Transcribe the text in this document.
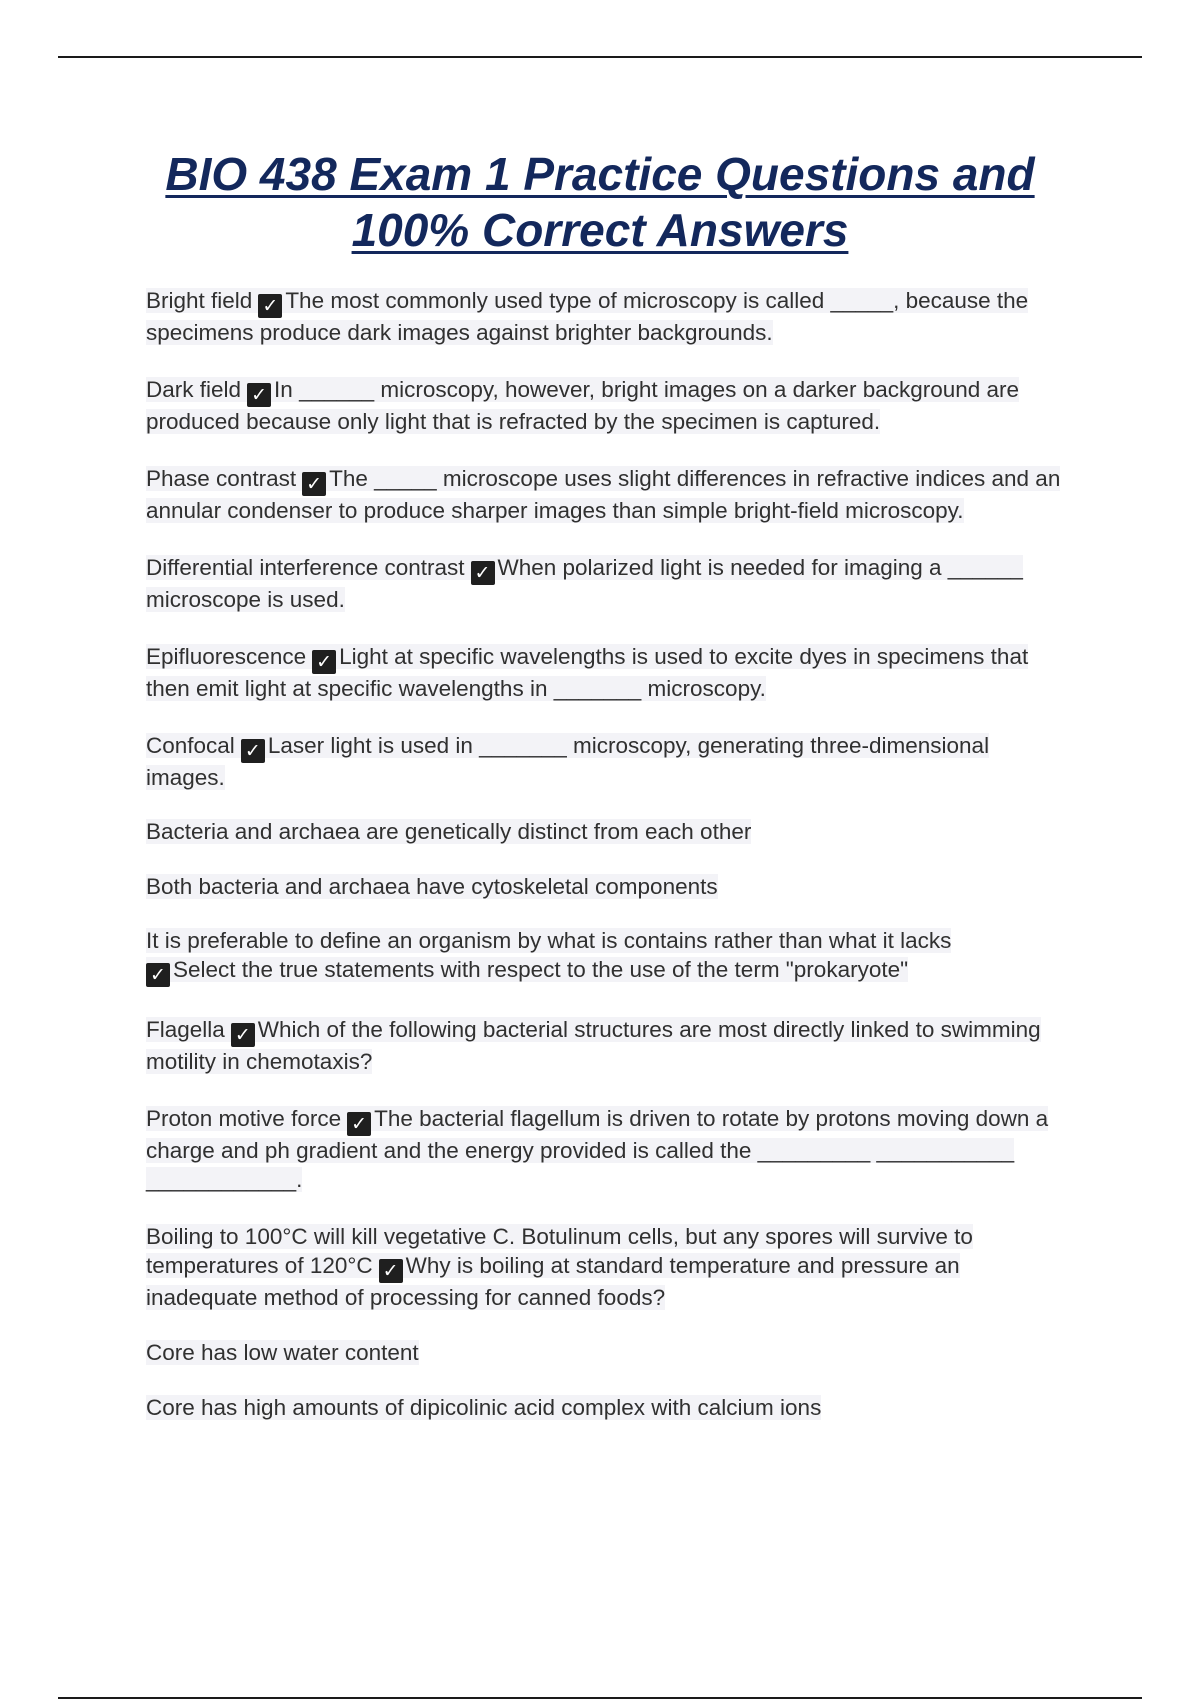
BIO 438 Exam 1 Practice Questions and
100% Correct Answers

Bright field ✓ The most commonly used type of microscopy is called _____, because the specimens produce dark images against brighter backgrounds.

Dark field ✓ In ______ microscopy, however, bright images on a darker background are produced because only light that is refracted by the specimen is captured.

Phase contrast ✓ The _____ microscope uses slight differences in refractive indices and an annular condenser to produce sharper images than simple bright-field microscopy.

Differential interference contrast ✓ When polarized light is needed for imaging a ______ microscope is used.

Epifluorescence ✓ Light at specific wavelengths is used to excite dyes in specimens that then emit light at specific wavelengths in _______ microscopy.

Confocal ✓ Laser light is used in _______ microscopy, generating three-dimensional images.

Bacteria and archaea are genetically distinct from each other

Both bacteria and archaea have cytoskeletal components

It is preferable to define an organism by what is contains rather than what it lacks
✓ Select the true statements with respect to the use of the term "prokaryote"

Flagella ✓ Which of the following bacterial structures are most directly linked to swimming motility in chemotaxis?

Proton motive force ✓ The bacterial flagellum is driven to rotate by protons moving down a charge and ph gradient and the energy provided is called the _________ ___________ ____________.

Boiling to 100°C will kill vegetative C. Botulinum cells, but any spores will survive to temperatures of 120°C ✓ Why is boiling at standard temperature and pressure an inadequate method of processing for canned foods?

Core has low water content

Core has high amounts of dipicolinic acid complex with calcium ions
